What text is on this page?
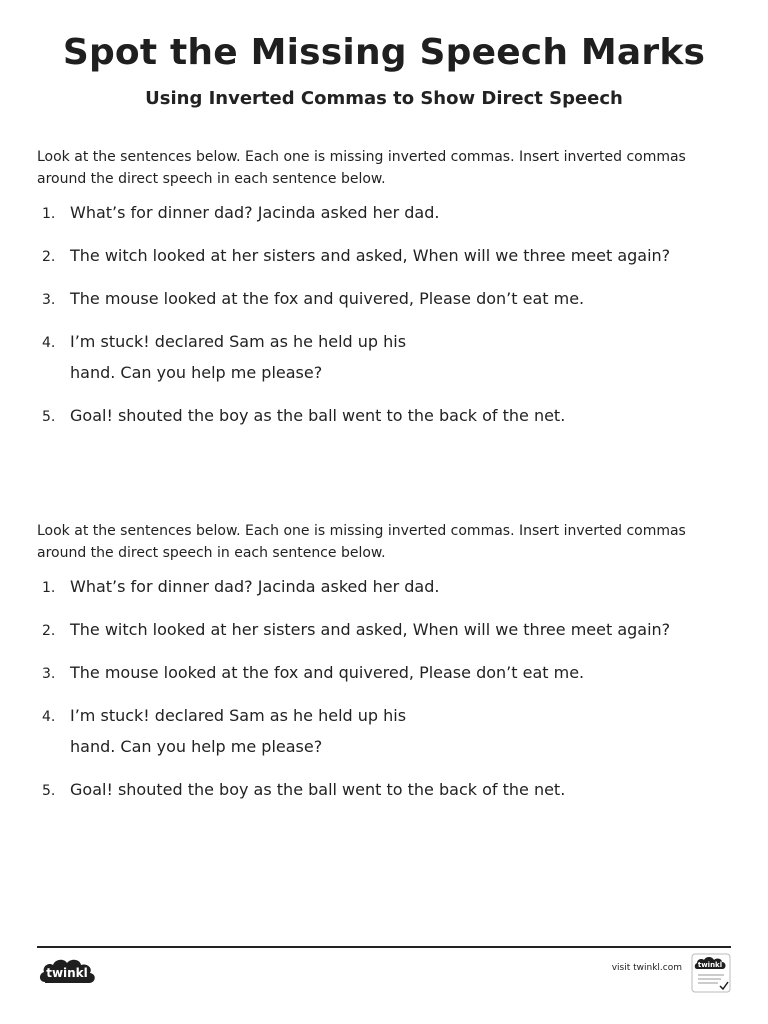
Spot the Missing Speech Marks
Using Inverted Commas to Show Direct Speech

Look at the sentences below. Each one is missing inverted commas. Insert inverted commas around the direct speech in each sentence below.

1. What’s for dinner dad? Jacinda asked her dad.
2. The witch looked at her sisters and asked, When will we three meet again?
3. The mouse looked at the fox and quivered, Please don’t eat me.
4. I’m stuck! declared Sam as he held up his
hand. Can you help me please?
5. Goal! shouted the boy as the ball went to the back of the net.

Look at the sentences below. Each one is missing inverted commas. Insert inverted commas around the direct speech in each sentence below.

1. What’s for dinner dad? Jacinda asked her dad.
2. The witch looked at her sisters and asked, When will we three meet again?
3. The mouse looked at the fox and quivered, Please don’t eat me.
4. I’m stuck! declared Sam as he held up his
hand. Can you help me please?
5. Goal! shouted the boy as the ball went to the back of the net.
twinkl	visit twinkl.com twinkl
